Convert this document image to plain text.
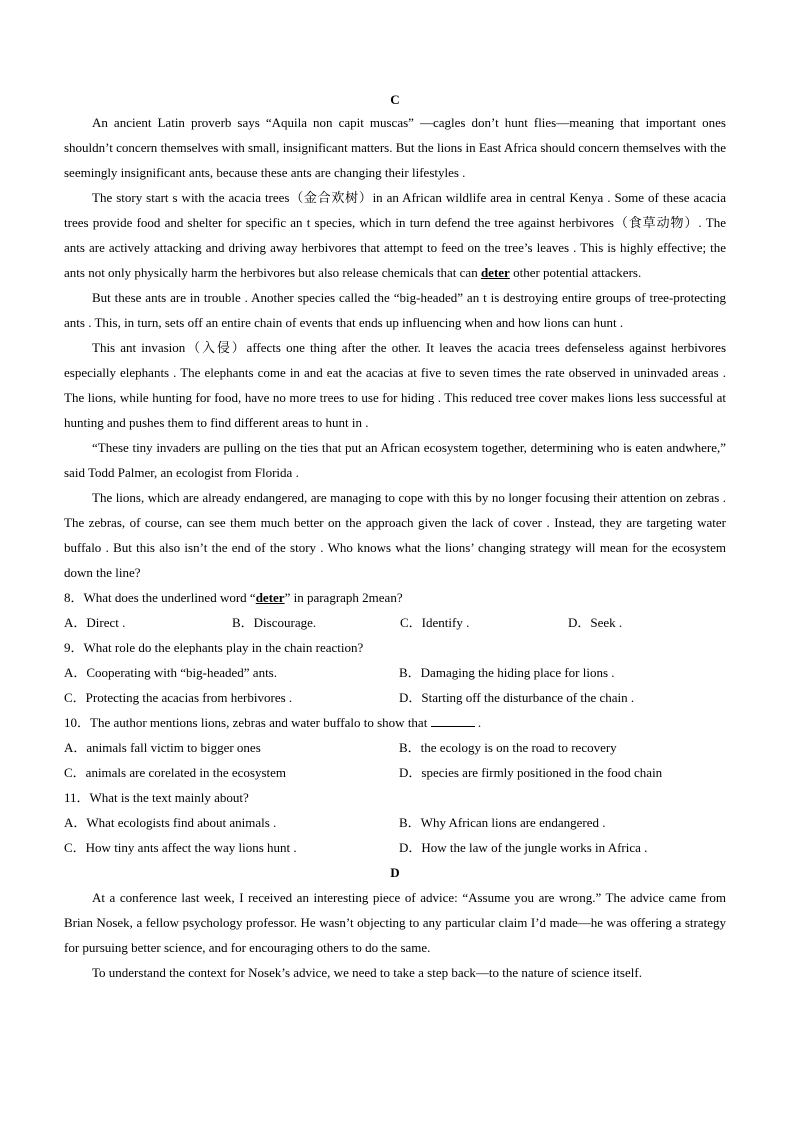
C

An ancient Latin proverb says “Aquila non capit muscas” —cagles don’t hunt flies—meaning that important ones shouldn’t concern themselves with small, insignificant matters. But the lions in East Africa should concern themselves with the seemingly insignificant ants, because these ants are changing their lifestyles .

The story start s with the acacia trees（金合欢树）in an African wildlife area in central Kenya . Some of these acacia trees provide food and shelter for specific an t species, which in turn defend the tree against herbivores（食草动物）. The ants are actively attacking and driving away herbivores that attempt to feed on the tree’s leaves . This is highly effective; the ants not only physically harm the herbivores but also release chemicals that can deter other potential attackers.

But these ants are in trouble . Another species called the “big-headed” an t is destroying entire groups of tree-protecting ants . This, in turn, sets off an entire chain of events that ends up influencing when and how lions can hunt .

This ant invasion（入侵）affects one thing after the other. It leaves the acacia trees defenseless against herbivores especially elephants . The elephants come in and eat the acacias at five to seven times the rate observed in uninvaded areas . The lions, while hunting for food, have no more trees to use for hiding . This reduced tree cover makes lions less successful at hunting and pushes them to find different areas to hunt in .

“These tiny invaders are pulling on the ties that put an African ecosystem together, determining who is eaten andwhere,” said Todd Palmer, an ecologist from Florida .

The lions, which are already endangered, are managing to cope with this by no longer focusing their attention on zebras . The zebras, of course, can see them much better on the approach given the lack of cover . Instead, they are targeting water buffalo . But this also isn’t the end of the story . Who knows what the lions’ changing strategy will mean for the ecosystem down the line?

8．What does the underlined word “deter” in paragraph 2mean?

A．Direct .	B．Discourage.	C．Identify .	D．Seek .

9．What role do the elephants play in the chain reaction?

A．Cooperating with “big-headed” ants.	B．Damaging the hiding place for lions .
C．Protecting the acacias from herbivores .	D．Starting off the disturbance of the chain .

10．The author mentions lions, zebras and water buffalo to show that	.

A．animals fall victim to bigger ones	B．the ecology is on the road to recovery
C．animals are corelated in the ecosystem	D．species are firmly positioned in the food chain

11．What is the text mainly about?

A．What ecologists find about animals .	B．Why African lions are endangered .
C．How tiny ants affect the way lions hunt .	D．How the law of the jungle works in Africa .
D

At a conference last week, I received an interesting piece of advice: “Assume you are wrong.” The advice came from Brian Nosek, a fellow psychology professor. He wasn’t objecting to any particular claim I’d made—he was offering a strategy for pursuing better science, and for encouraging others to do the same.

To understand the context for Nosek’s advice, we need to take a step back—to the nature of science itself.
